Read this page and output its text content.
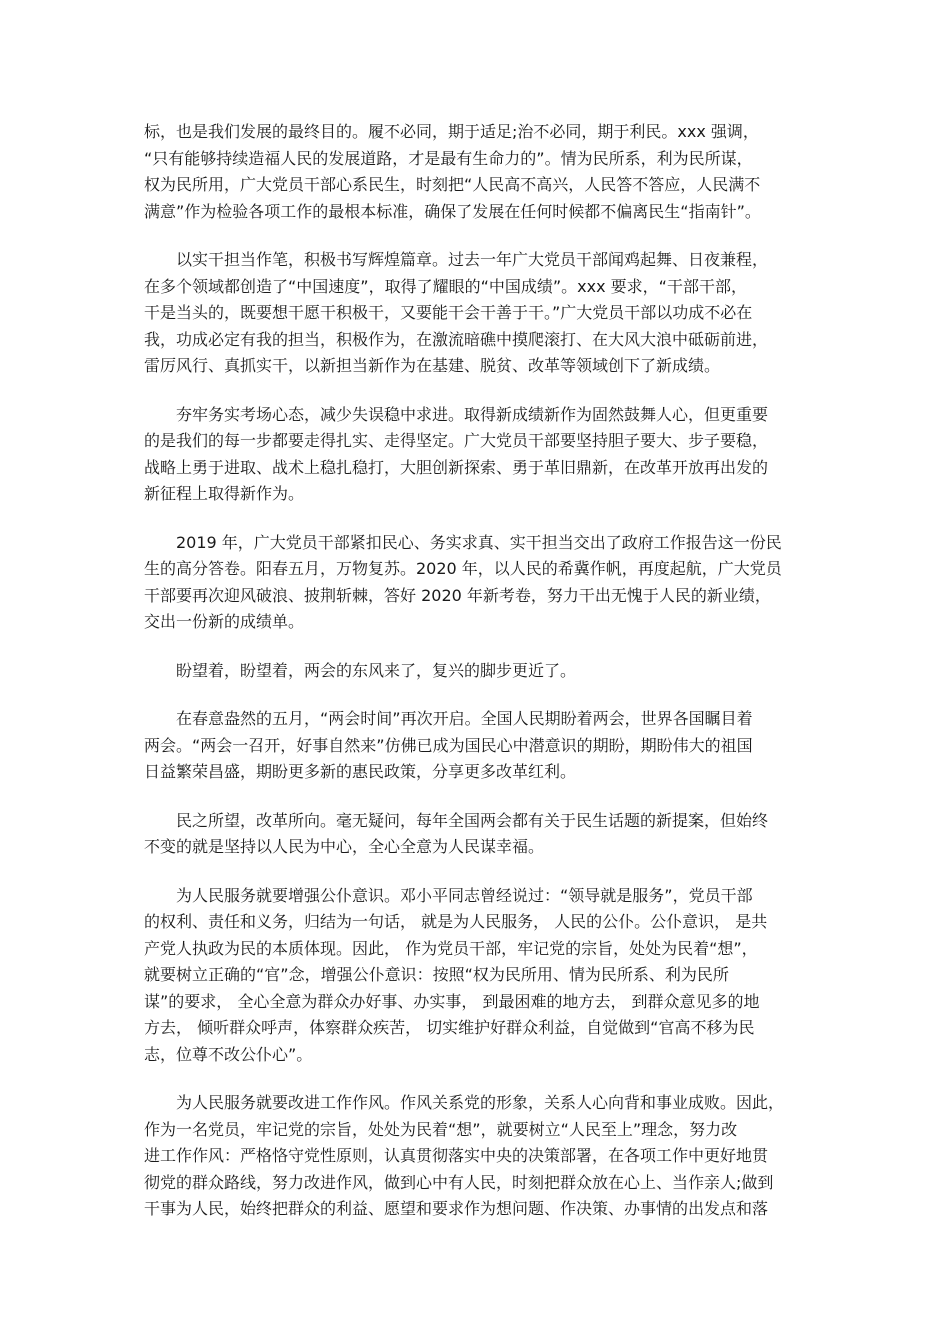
标，也是我们发展的最终目的。履不必同，期于适足;治不必同，期于利民。xxx 强调，
“只有能够持续造福人民的发展道路，才是最有生命力的”。情为民所系，利为民所谋，
权为民所用，广大党员干部心系民生，时刻把“人民高不高兴，人民答不答应，人民满不
满意”作为检验各项工作的最根本标准，确保了发展在任何时候都不偏离民生“指南针”。

以实干担当作笔，积极书写辉煌篇章。过去一年广大党员干部闻鸡起舞、日夜兼程，
在多个领域都创造了“中国速度”，取得了耀眼的“中国成绩”。xxx 要求，“干部干部，
干是当头的，既要想干愿干积极干，又要能干会干善于干。”广大党员干部以功成不必在
我，功成必定有我的担当，积极作为，在激流暗礁中摸爬滚打、在大风大浪中砥砺前进，
雷厉风行、真抓实干，以新担当新作为在基建、脱贫、改革等领域创下了新成绩。

夯牢务实考场心态，减少失误稳中求进。取得新成绩新作为固然鼓舞人心，但更重要
的是我们的每一步都要走得扎实、走得坚定。广大党员干部要坚持胆子要大、步子要稳，
战略上勇于进取、战术上稳扎稳打，大胆创新探索、勇于革旧鼎新，在改革开放再出发的
新征程上取得新作为。

2019 年，广大党员干部紧扣民心、务实求真、实干担当交出了政府工作报告这一份民
生的高分答卷。阳春五月，万物复苏。2020 年，以人民的希冀作帆，再度起航，广大党员
干部要再次迎风破浪、披荆斩棘，答好 2020 年新考卷，努力干出无愧于人民的新业绩，
交出一份新的成绩单。

盼望着，盼望着，两会的东风来了，复兴的脚步更近了。

在春意盎然的五月，“两会时间”再次开启。全国人民期盼着两会，世界各国瞩目着
两会。“两会一召开，好事自然来”仿佛已成为国民心中潜意识的期盼，期盼伟大的祖国
日益繁荣昌盛，期盼更多新的惠民政策，分享更多改革红利。

民之所望，改革所向。毫无疑问，每年全国两会都有关于民生话题的新提案，但始终
不变的就是坚持以人民为中心，全心全意为人民谋幸福。

为人民服务就要增强公仆意识。邓小平同志曾经说过：“领导就是服务”，党员干部
的权利、责任和义务，归结为一句话， 就是为人民服务， 人民的公仆。公仆意识， 是共
产党人执政为民的本质体现。因此， 作为党员干部，牢记党的宗旨，处处为民着“想”，
就要树立正确的“官”念，增强公仆意识：按照“权为民所用、情为民所系、利为民所
谋”的要求， 全心全意为群众办好事、办实事， 到最困难的地方去， 到群众意见多的地
方去， 倾听群众呼声，体察群众疾苦， 切实维护好群众利益，自觉做到“官高不移为民
志，位尊不改公仆心”。

为人民服务就要改进工作作风。作风关系党的形象，关系人心向背和事业成败。因此，
作为一名党员，牢记党的宗旨，处处为民着“想”，就要树立“人民至上”理念，努力改
进工作作风：严格恪守党性原则，认真贯彻落实中央的决策部署，在各项工作中更好地贯
彻党的群众路线，努力改进作风，做到心中有人民，时刻把群众放在心上、当作亲人;做到
干事为人民，始终把群众的利益、愿望和要求作为想问题、作决策、办事情的出发点和落
